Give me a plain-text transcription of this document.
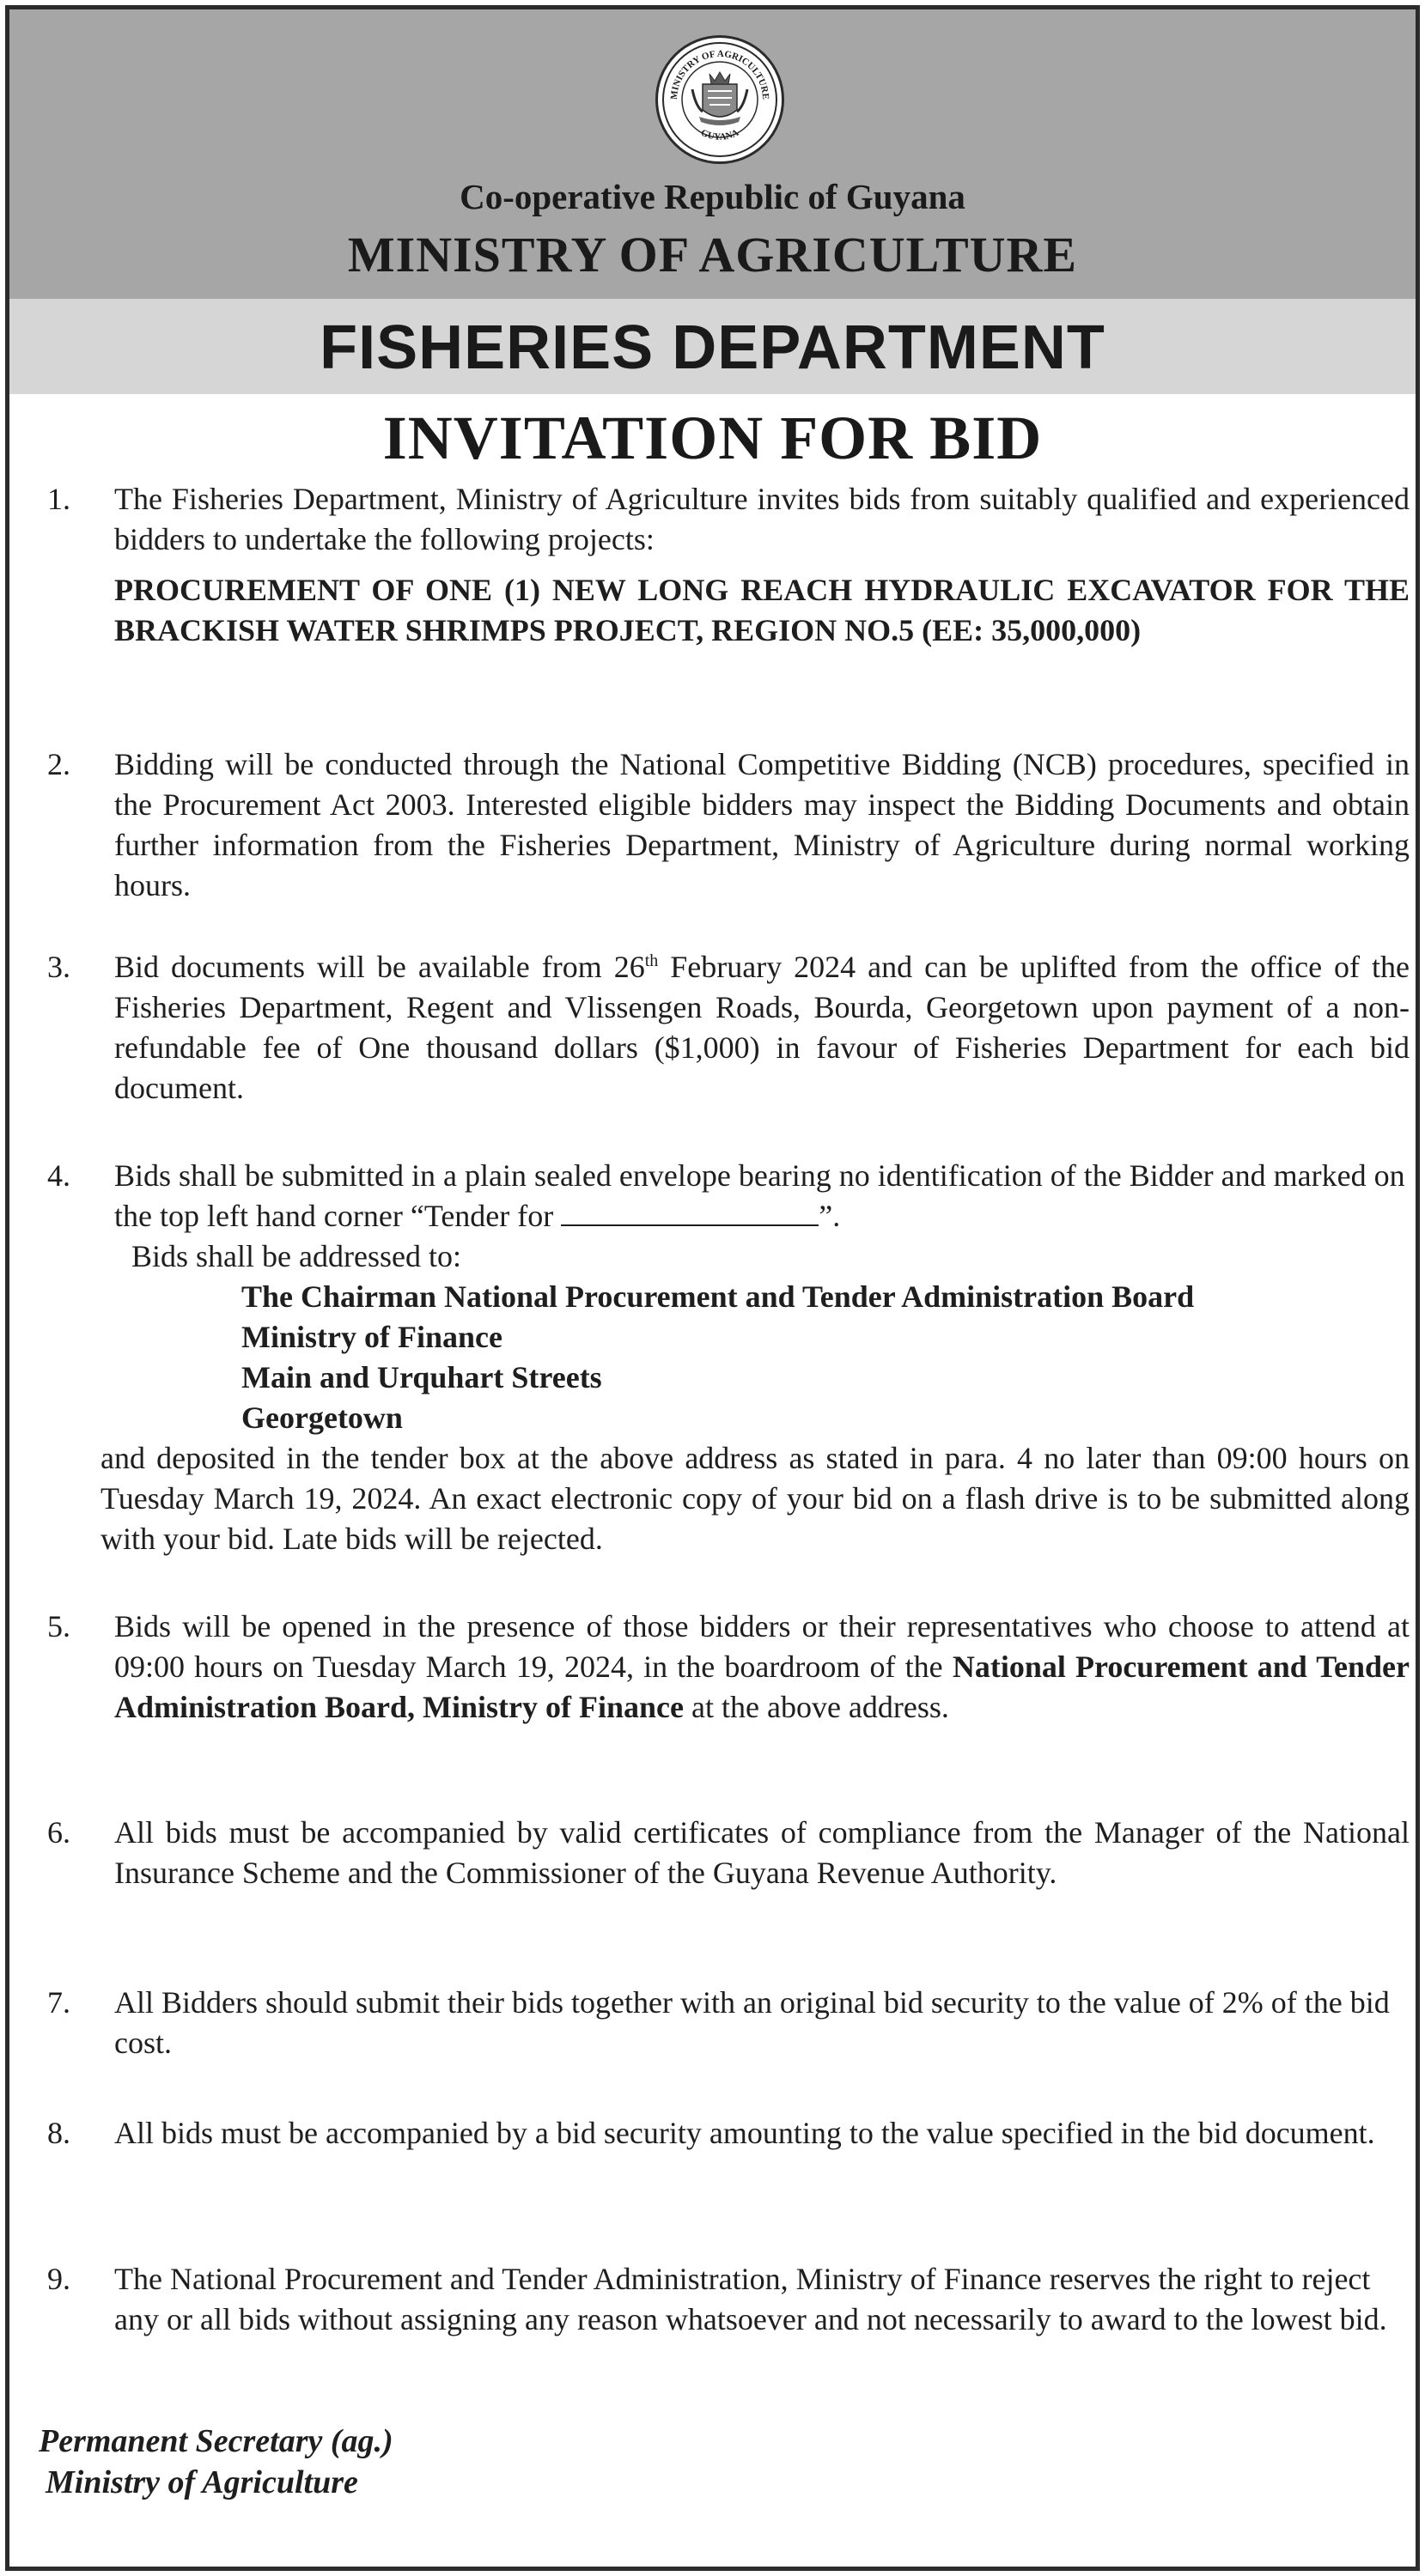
MINISTRY OF AGRICULTURE
GUYANA
Co-operative Republic of Guyana
MINISTRY OF AGRICULTURE
FISHERIES DEPARTMENT
INVITATION FOR BID
1. The Fisheries Department, Ministry of Agriculture invites bids from suitably qualified and experienced bidders to undertake the following projects:
PROCUREMENT OF ONE (1) NEW LONG REACH HYDRAULIC EXCAVATOR FOR THE BRACKISH WATER SHRIMPS PROJECT, REGION NO.5 (EE: 35,000,000)
2. Bidding will be conducted through the National Competitive Bidding (NCB) procedures, specified in the Procurement Act 2003. Interested eligible bidders may inspect the Bidding Documents and obtain further information from the Fisheries Department, Ministry of Agriculture during normal working hours.
3. Bid documents will be available from 26th February 2024 and can be uplifted from the office of the Fisheries Department, Regent and Vlissengen Roads, Bourda, Georgetown upon payment of a non- refundable fee of One thousand dollars ($1,000) in favour of Fisheries Department for each bid document.
4. Bids shall be submitted in a plain sealed envelope bearing no identification of the Bidder and marked on the top left hand corner “Tender for	”.
Bids shall be addressed to:
The Chairman National Procurement and Tender Administration Board
Ministry of Finance
Main and Urquhart Streets
Georgetown
and deposited in the tender box at the above address as stated in para. 4 no later than 09:00 hours on Tuesday March 19, 2024. An exact electronic copy of your bid on a flash drive is to be submitted along with your bid. Late bids will be rejected.
5. Bids will be opened in the presence of those bidders or their representatives who choose to attend at 09:00 hours on Tuesday March 19, 2024, in the boardroom of the National Procurement and Tender Administration Board, Ministry of Finance at the above address.
6. All bids must be accompanied by valid certificates of compliance from the Manager of the National Insurance Scheme and the Commissioner of the Guyana Revenue Authority.
7. All Bidders should submit their bids together with an original bid security to the value of 2% of the bid cost.
8. All bids must be accompanied by a bid security amounting to the value specified in the bid document.
9. The National Procurement and Tender Administration, Ministry of Finance reserves the right to reject any or all bids without assigning any reason whatsoever and not necessarily to award to the lowest bid.
Permanent Secretary (ag.)
Ministry of Agriculture
